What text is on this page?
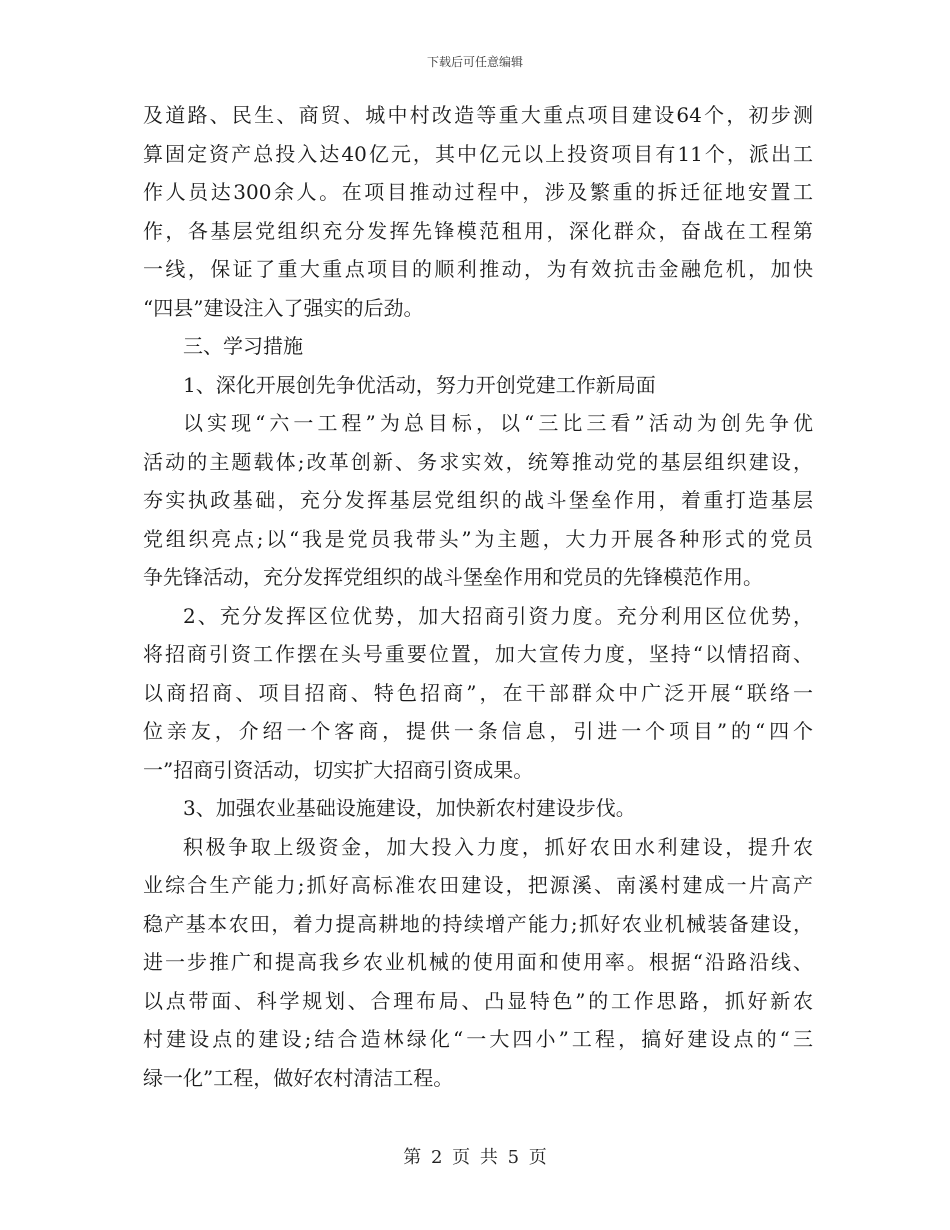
下载后可任意编辑
及道路、民生、商贸、城中村改造等重大重点项目建设64个，初步测
算固定资产总投入达40亿元，其中亿元以上投资项目有11个，派出工
作人员达300余人。在项目推动过程中，涉及繁重的拆迁征地安置工
作，各基层党组织充分发挥先锋模范租用，深化群众，奋战在工程第
一线，保证了重大重点项目的顺利推动，为有效抗击金融危机，加快
“四县”建设注入了强实的后劲。
三、学习措施
1、深化开展创先争优活动，努力开创党建工作新局面
以实现“六一工程”为总目标，以“三比三看”活动为创先争优
活动的主题载体;改革创新、务求实效，统筹推动党的基层组织建设，
夯实执政基础，充分发挥基层党组织的战斗堡垒作用，着重打造基层
党组织亮点;以“我是党员我带头”为主题，大力开展各种形式的党员
争先锋活动，充分发挥党组织的战斗堡垒作用和党员的先锋模范作用。
2、充分发挥区位优势，加大招商引资力度。充分利用区位优势，
将招商引资工作摆在头号重要位置，加大宣传力度，坚持“以情招商、
以商招商、项目招商、特色招商”，在干部群众中广泛开展“联络一
位亲友，介绍一个客商，提供一条信息，引进一个项目”的“四个
一”招商引资活动，切实扩大招商引资成果。
3、加强农业基础设施建设，加快新农村建设步伐。
积极争取上级资金，加大投入力度，抓好农田水利建设，提升农
业综合生产能力;抓好高标准农田建设，把源溪、南溪村建成一片高产
稳产基本农田，着力提高耕地的持续增产能力;抓好农业机械装备建设，
进一步推广和提高我乡农业机械的使用面和使用率。根据“沿路沿线、
以点带面、科学规划、合理布局、凸显特色”的工作思路，抓好新农
村建设点的建设;结合造林绿化“一大四小”工程，搞好建设点的“三
绿一化”工程，做好农村清洁工程。
第 2 页 共 5 页
